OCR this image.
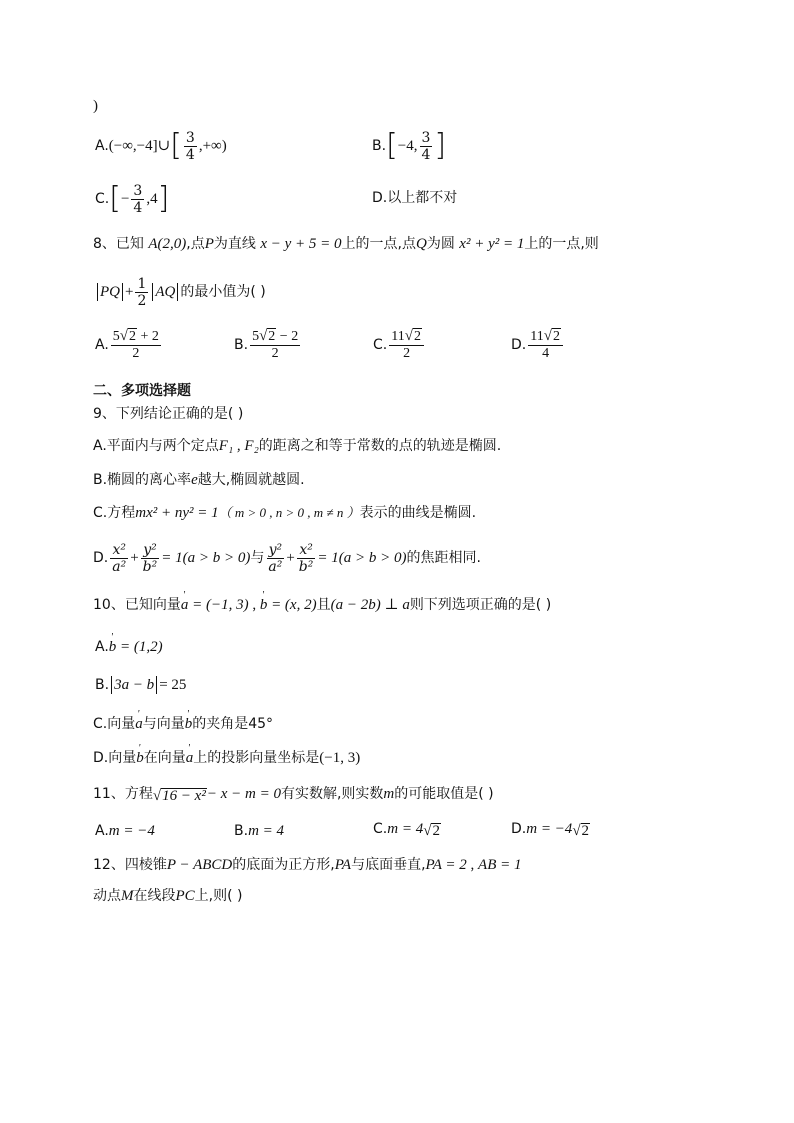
)
A. (−∞,−4]∪ [ $\frac{3}{4}$ ,+∞)	B. [ −4, $\frac{3}{4}$ ]
C. [ − $\frac{3}{4} ,4$ ]	D.以上都不对
8、已知 A(2,0),点P为直线 x − y + 5 = 0上的一点,点Q为圆 x² + y² = 1上的一点,则
PQ + $\frac{1}{2}$ AQ 的最小值为( )
A. $\frac{5 √ 2 + 2}{2}$	B. $\frac{5 √ 2 - 2}{2}$	C. $\frac{11 √ 2}{2}$	D. $\frac{11 √ 2}{4}$
二、多项选择题
9、下列结论正确的是( )
A.平面内与两个定点F₁ , F₂的距离之和等于常数的点的轨迹是椭圆.
B.椭圆的离心率e越大,椭圆就越圆.
C.方程mx² + ny² = 1（ m > 0 , n > 0 , m ≠ n ）表示的曲线是椭圆.
D. $\frac{\text{x²}}{\text{a²}} + \frac{\text{y²}}{\text{b²}} = 1(a > b > 0)$ 与 $\frac{\text{y²}}{\text{a²}} + \frac{\text{x²}}{\text{b²}} = 1(a > b > 0)$ 的焦距相同.
10、已知向量' a = (−1, 3) , ' b = (x, 2)且(a − 2b) ⊥ a则下列选项正确的是( )
A.' b = (1,2)
B. 3a − b = 25
C.向量' a与向量' b的夹角是45°
D.向量' b在向量' a上的投影向量坐标是(−1, 3)
11、 方程 √ 16 − x² − x − m = 0 有实数解,则实数 m 的可能取值是( )
A.m = −4	B.m = 4	C. m = 4 √ 2	D. m = −4 √ 2
12、四棱锥P − ABCD的底面为正方形,PA与底面垂直,PA = 2 , AB = 1
动点M在线段PC上,则( )
